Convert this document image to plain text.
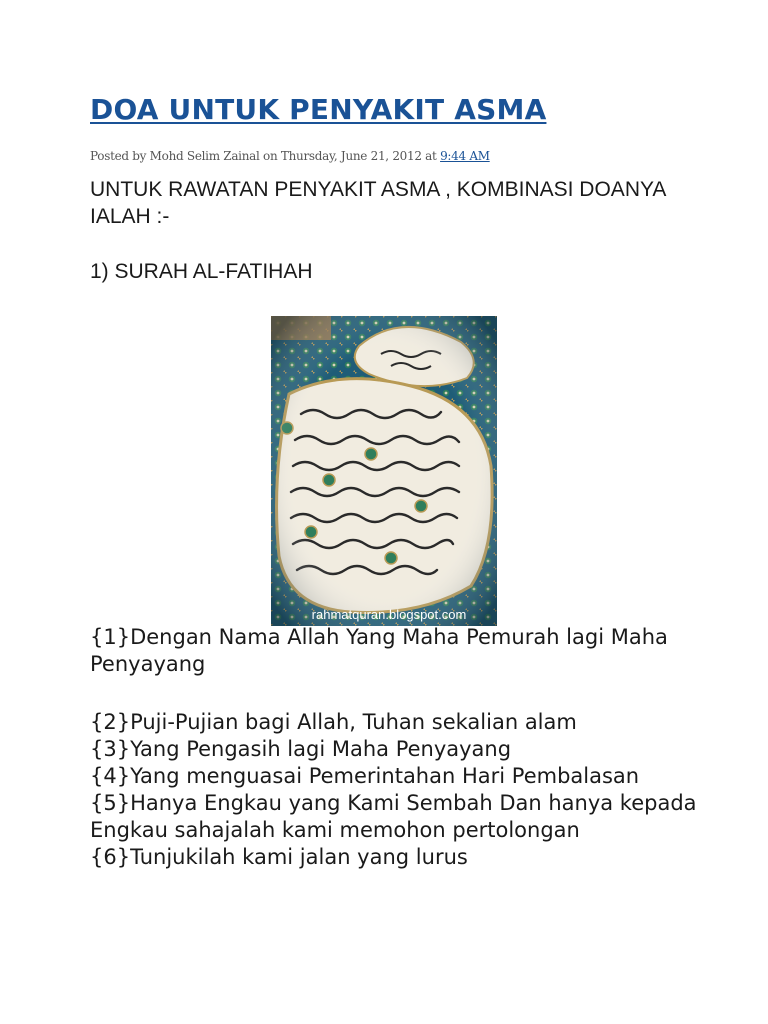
DOA UNTUK PENYAKIT ASMA
Posted by Mohd Selim Zainal on Thursday, June 21, 2012 at 9:44 AM

UNTUK RAWATAN PENYAKIT ASMA , KOMBINASI DOANYA IALAH :-

1) SURAH AL-FATIHAH

rahmatquran.blogspot.com
{1}Dengan Nama Allah Yang Maha Pemurah lagi Maha Penyayang
{2}Puji-Pujian bagi Allah, Tuhan sekalian alam
{3}Yang Pengasih lagi Maha Penyayang
{4}Yang menguasai Pemerintahan Hari Pembalasan
{5}Hanya Engkau yang Kami Sembah Dan hanya kepada Engkau sahajalah kami memohon pertolongan
{6}Tunjukilah kami jalan yang lurus
